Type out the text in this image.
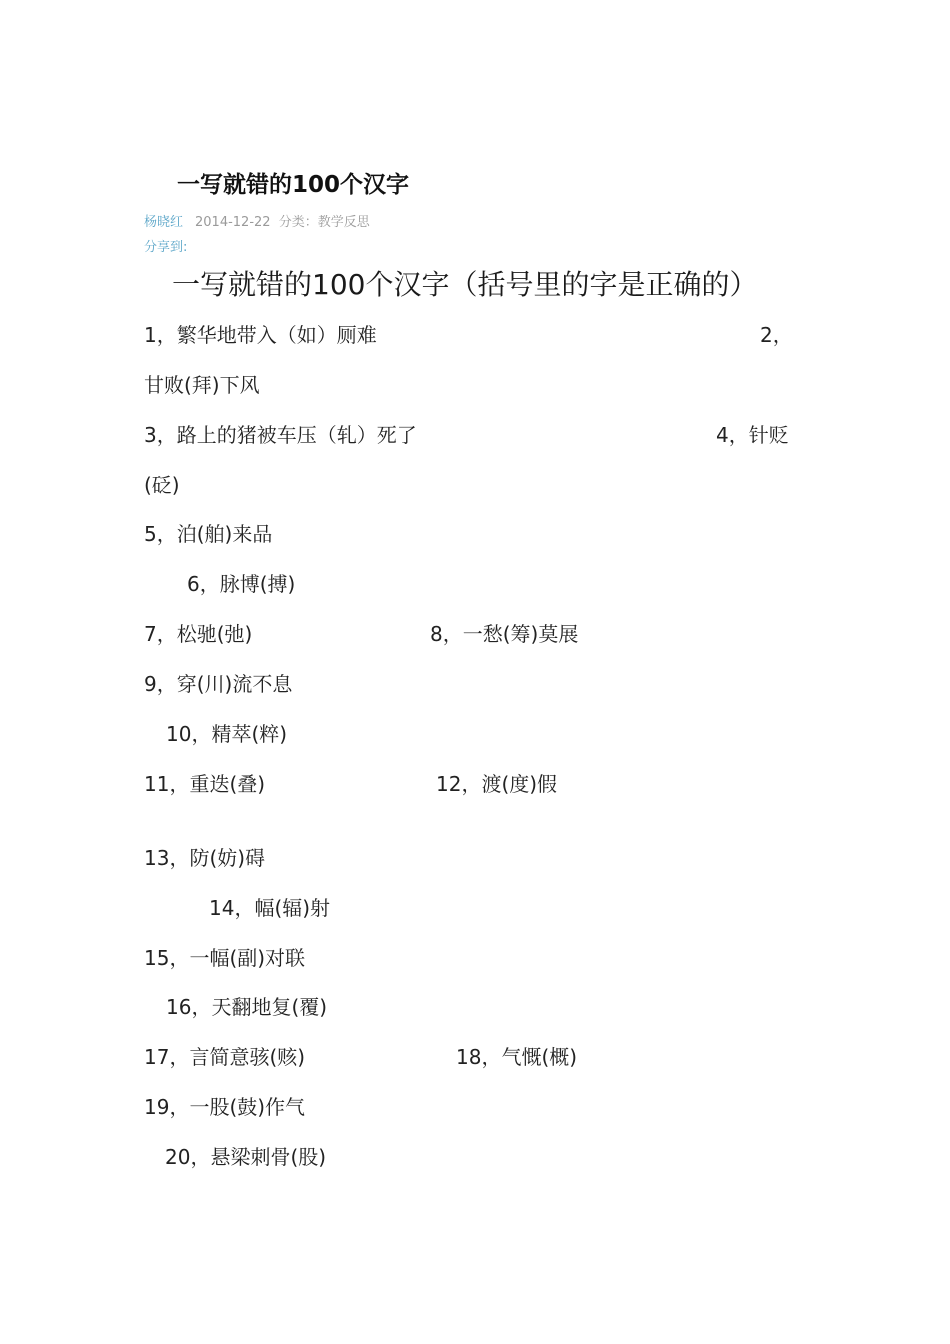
一写就错的100个汉字
杨晓红 2014-12-22 分类：教学反思
分享到:
一写就错的100个汉字（括号里的字是正确的）
1，繁华地带入（如）厕难	2，
甘败(拜)下风
3，路上的猪被车压（轧）死了	4，针贬
(砭)
5，泊(舶)来品
6，脉博(搏)
7，松驰(弛)	8，一愁(筹)莫展
9，穿(川)流不息
10，精萃(粹)
11，重迭(叠)	12，渡(度)假
13，防(妨)碍
14，幅(辐)射
15，一幅(副)对联
16，天翻地复(覆)
17，言简意骇(赅)	18，气慨(概)
19，一股(鼓)作气
20，悬梁刺骨(股)
